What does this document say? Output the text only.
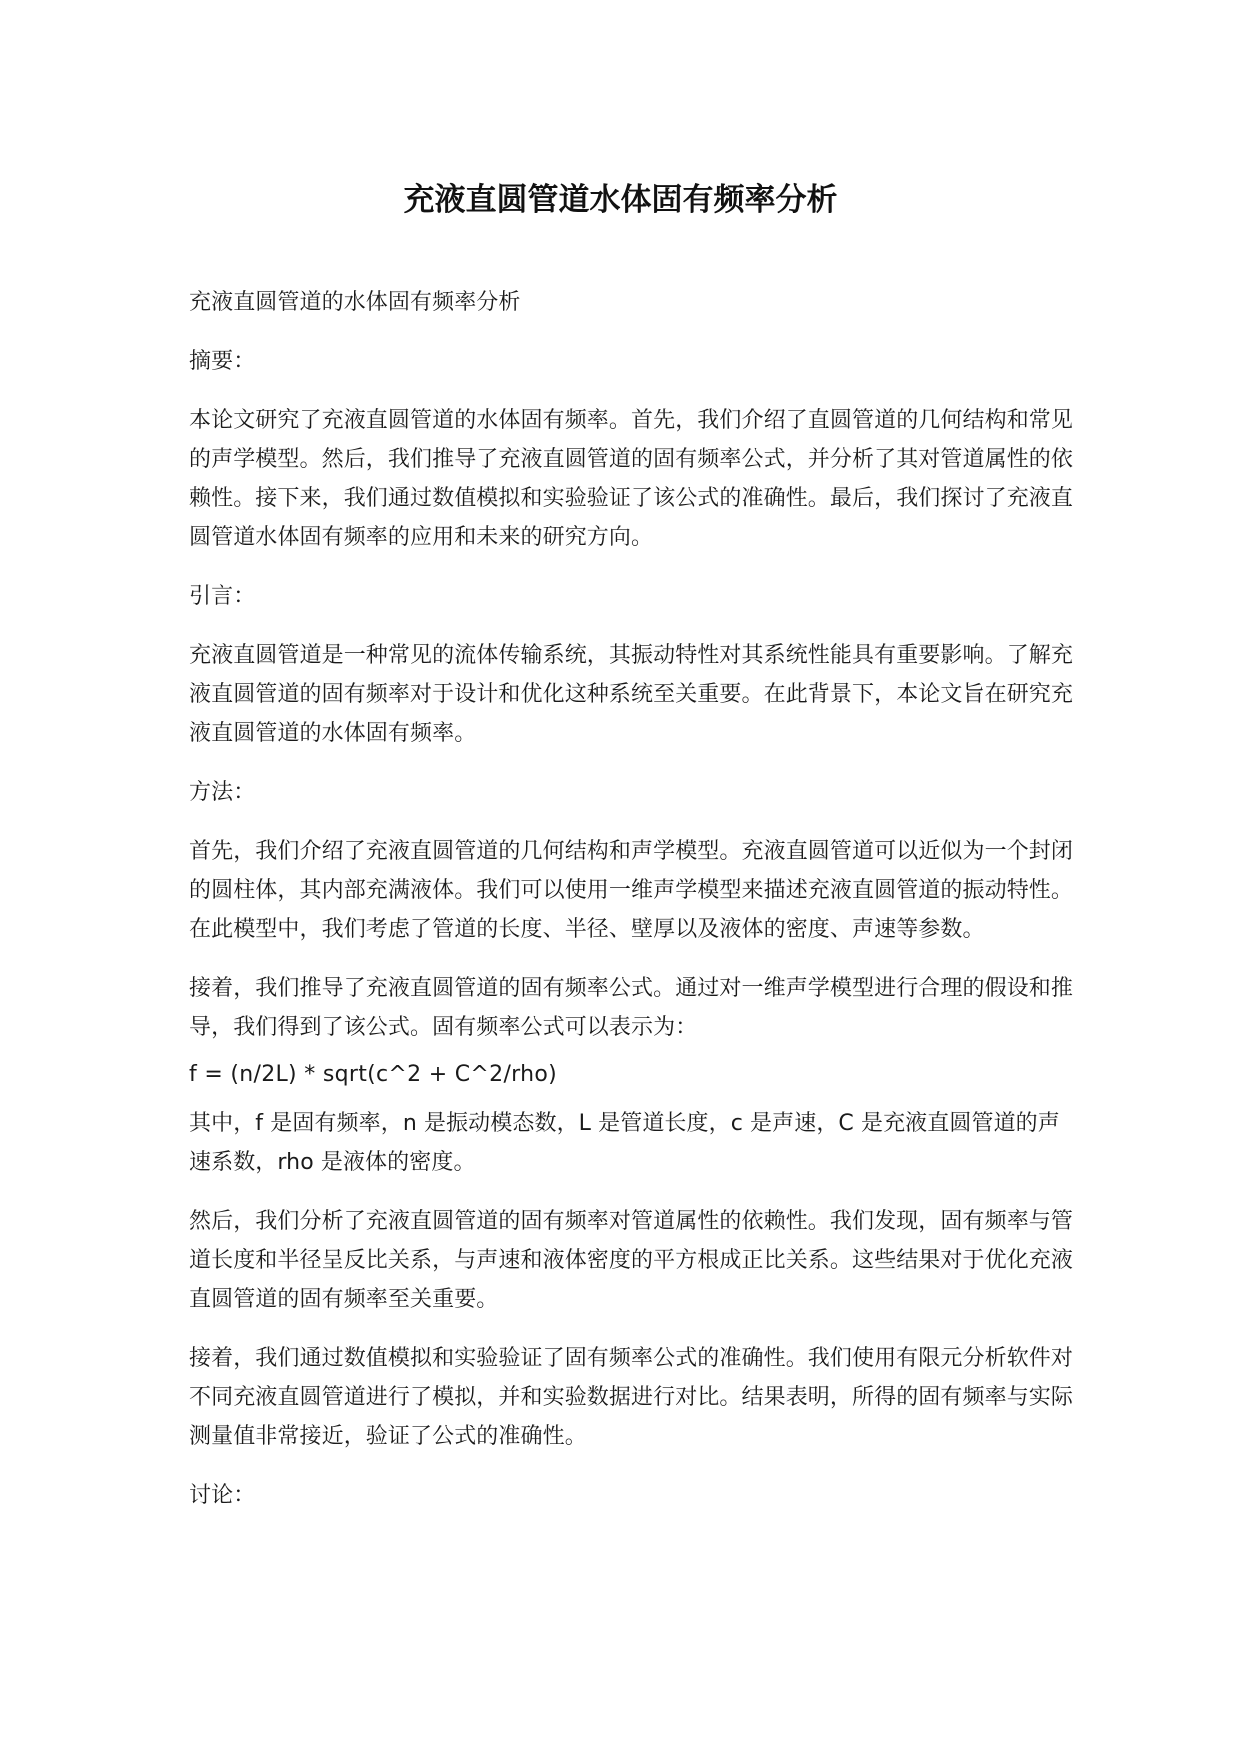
充液直圆管道水体固有频率分析

充液直圆管道的水体固有频率分析

摘要：

本论文研究了充液直圆管道的水体固有频率。首先，我们介绍了直圆管道的几何结构和常见的声学模型。然后，我们推导了充液直圆管道的固有频率公式，并分析了其对管道属性的依赖性。接下来，我们通过数值模拟和实验验证了该公式的准确性。最后，我们探讨了充液直圆管道水体固有频率的应用和未来的研究方向。

引言：

充液直圆管道是一种常见的流体传输系统，其振动特性对其系统性能具有重要影响。了解充液直圆管道的固有频率对于设计和优化这种系统至关重要。在此背景下，本论文旨在研究充液直圆管道的水体固有频率。

方法：

首先，我们介绍了充液直圆管道的几何结构和声学模型。充液直圆管道可以近似为一个封闭的圆柱体，其内部充满液体。我们可以使用一维声学模型来描述充液直圆管道的振动特性。在此模型中，我们考虑了管道的长度、半径、壁厚以及液体的密度、声速等参数。

接着，我们推导了充液直圆管道的固有频率公式。通过对一维声学模型进行合理的假设和推导，我们得到了该公式。固有频率公式可以表示为：

f = (n/2L) * sqrt(c^2 + C^2/rho)

其中，f 是固有频率，n 是振动模态数，L 是管道长度，c 是声速，C 是充液直圆管道的声速系数，rho 是液体的密度。

然后，我们分析了充液直圆管道的固有频率对管道属性的依赖性。我们发现，固有频率与管道长度和半径呈反比关系，与声速和液体密度的平方根成正比关系。这些结果对于优化充液直圆管道的固有频率至关重要。

接着，我们通过数值模拟和实验验证了固有频率公式的准确性。我们使用有限元分析软件对不同充液直圆管道进行了模拟，并和实验数据进行对比。结果表明，所得的固有频率与实际测量值非常接近，验证了公式的准确性。

讨论：
